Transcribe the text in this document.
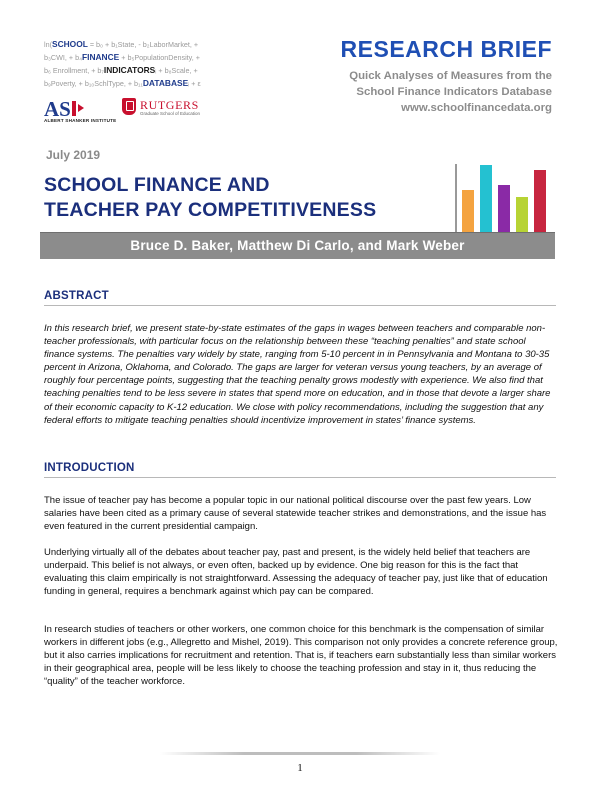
ln(SCHOOL = b₀ + b₁State, - b₂LaborMarket, +
b₃CWI, + b₄FINANCE + b₅PopulationDensity, +
b₆ Enrollment, + b₇INDICATORSᵢ + b₈Scale, +
b₉Poverty, + b₁₀SchlType, + b₁₁DATABASEᵢ + ε
AS
ALBERT SHANKER INSTITUTE
RUTGERS
Graduate School of Education
RESEARCH BRIEF
Quick Analyses of Measures from the
School Finance Indicators Database
www.schoolfinancedata.org
July 2019
SCHOOL FINANCE AND
TEACHER PAY COMPETITIVENESS
Bruce D. Baker, Matthew Di Carlo, and Mark Weber
ABSTRACT
In this research brief, we present state-by-state estimates of the gaps in wages between teachers and comparable non-teacher professionals, with particular focus on the relationship between these “teaching penalties” and state school finance systems. The penalties vary widely by state, ranging from 5-10 percent in in Pennsylvania and Montana to 30-35 percent in Arizona, Oklahoma, and Colorado. The gaps are larger for veteran versus young teachers, by an average of roughly four percentage points, suggesting that the teaching penalty grows modestly with experience. We also find that teaching penalties tend to be less severe in states that spend more on education, and in those that devote a larger share of their economic capacity to K-12 education. We close with policy recommendations, including the suggestion that any federal efforts to mitigate teaching penalties should incentivize improvement in states’ finance systems.
INTRODUCTION
The issue of teacher pay has become a popular topic in our national political discourse over the past few years. Low salaries have been cited as a primary cause of several statewide teacher strikes and demonstrations, and the issue has even featured in the current presidential campaign.
Underlying virtually all of the debates about teacher pay, past and present, is the widely held belief that teachers are underpaid. This belief is not always, or even often, backed up by evidence. One big reason for this is the fact that evaluating this claim empirically is not straightforward. Assessing the adequacy of teacher pay, just like that of education funding in general, requires a benchmark against which pay can be compared.
In research studies of teachers or other workers, one common choice for this benchmark is the compensation of similar workers in different jobs (e.g., Allegretto and Mishel, 2019). This comparison not only provides a concrete reference group, but it also carries implications for recruitment and retention. That is, if teachers earn substantially less than similar workers in their geographical area, people will be less likely to choose the teaching profession and stay in it, thus reducing the “quality” of the teacher workforce.
1
